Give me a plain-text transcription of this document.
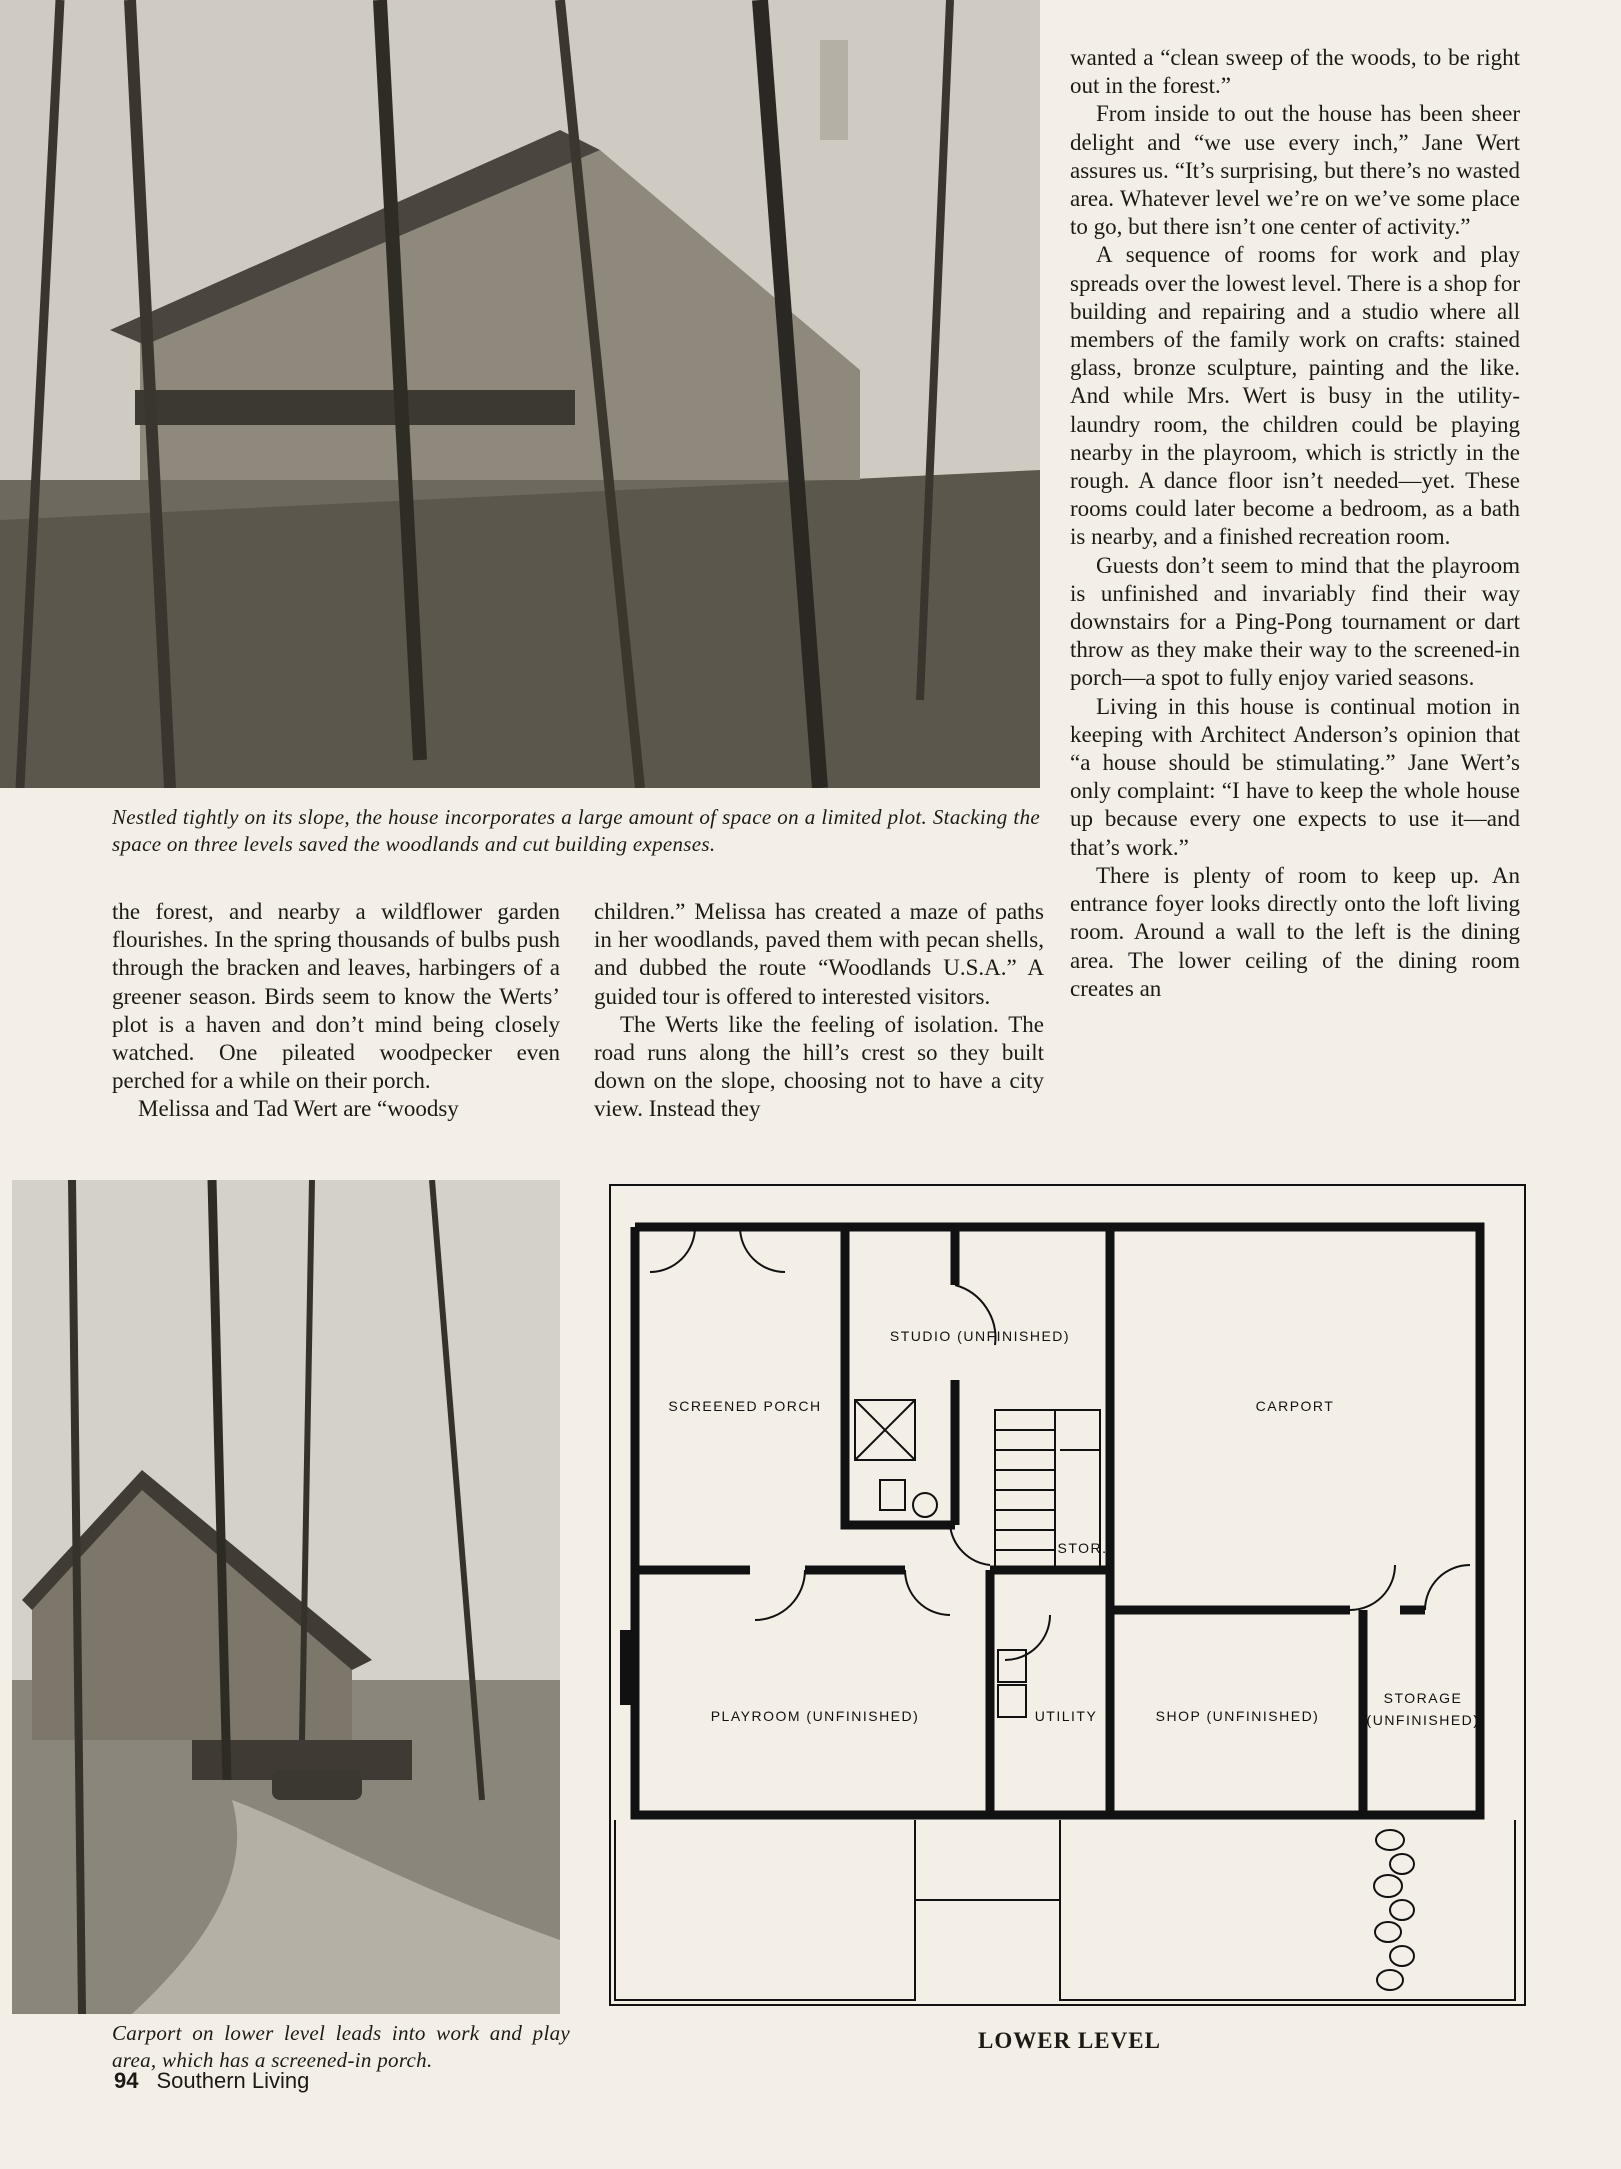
Nestled tightly on its slope, the house incorporates a large amount of space on a limited plot. Stacking the space on three levels saved the woodlands and cut building expenses.

wanted a “clean sweep of the woods, to be right out in the forest.”

From inside to out the house has been sheer delight and “we use every inch,” Jane Wert assures us. “It’s surprising, but there’s no wasted area. Whatever level we’re on we’ve some place to go, but there isn’t one center of activity.”

A sequence of rooms for work and play spreads over the lowest level. There is a shop for building and repairing and a studio where all members of the family work on crafts: stained glass, bronze sculpture, painting and the like. And while Mrs. Wert is busy in the utility-laundry room, the children could be playing nearby in the playroom, which is strictly in the rough. A dance floor isn’t needed—yet. These rooms could later become a bedroom, as a bath is nearby, and a finished recreation room.

Guests don’t seem to mind that the playroom is unfinished and invariably find their way downstairs for a Ping-Pong tournament or dart throw as they make their way to the screened-in porch—a spot to fully enjoy varied seasons.

Living in this house is continual motion in keeping with Architect Anderson’s opinion that “a house should be stimulating.” Jane Wert’s only complaint: “I have to keep the whole house up because every one expects to use it—and that’s work.”

There is plenty of room to keep up. An entrance foyer looks directly onto the loft living room. Around a wall to the left is the dining area. The lower ceiling of the dining room creates an

the forest, and nearby a wildflower garden flourishes. In the spring thousands of bulbs push through the bracken and leaves, harbingers of a greener season. Birds seem to know the Werts’ plot is a haven and don’t mind being closely watched. One pileated woodpecker even perched for a while on their porch.

Melissa and Tad Wert are “woodsy

children.” Melissa has created a maze of paths in her woodlands, paved them with pecan shells, and dubbed the route “Woodlands U.S.A.” A guided tour is offered to interested visitors.

The Werts like the feeling of isolation. The road runs along the hill’s crest so they built down on the slope, choosing not to have a city view. Instead they

Carport on lower level leads into work and play area, which has a screened-in porch.
SCREENED PORCH
STUDIO (UNFINISHED)
CARPORT
STOR.
PLAYROOM (UNFINISHED)	UTILITY	SHOP (UNFINISHED)
STORAGE
(UNFINISHED)
LOWER LEVEL
94 Southern Living
